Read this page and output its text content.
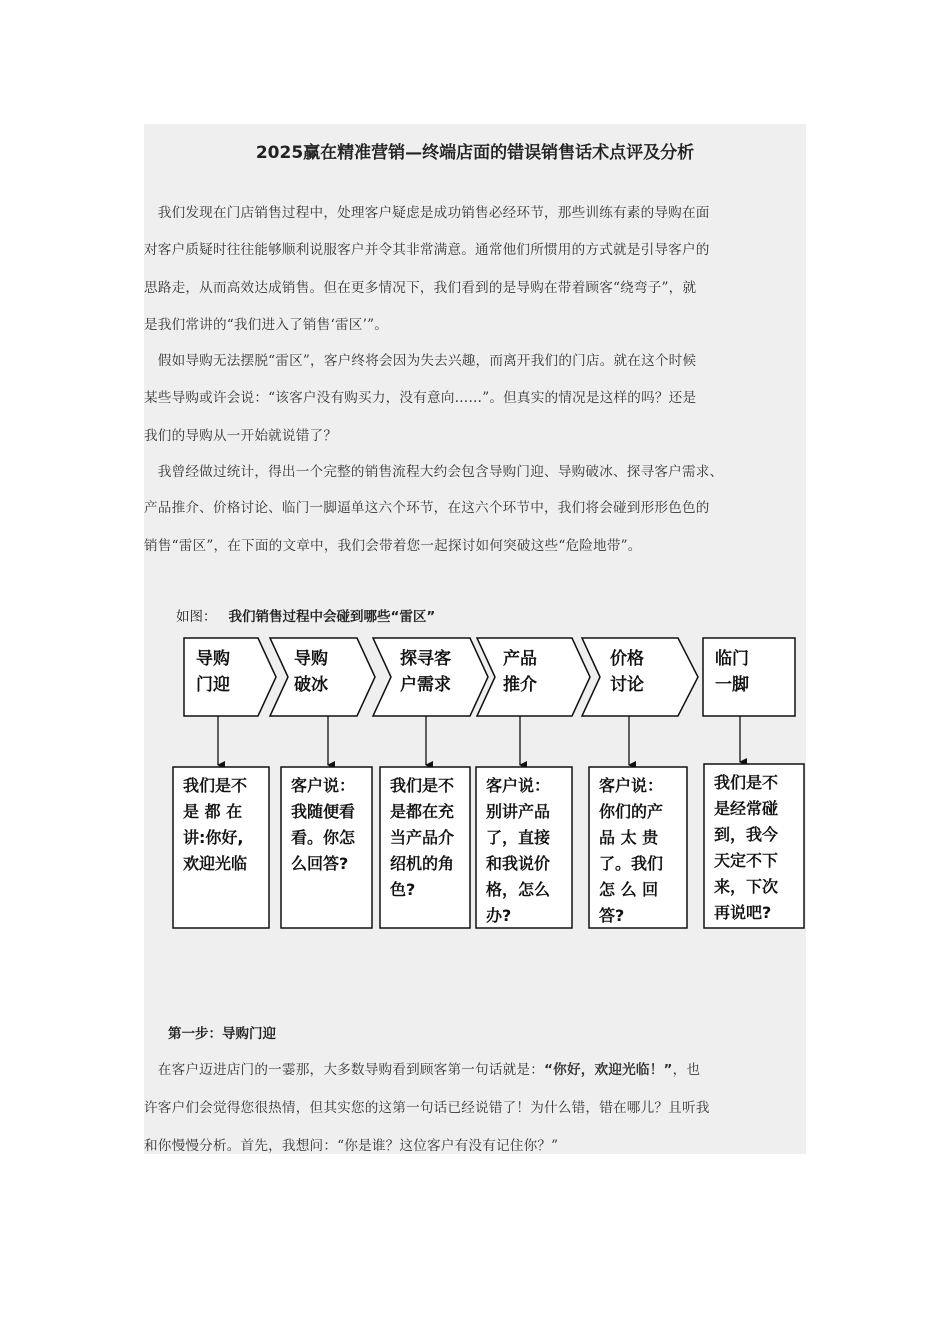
2025赢在精准营销—终端店面的错误销售话术点评及分析
　我们发现在门店销售过程中，处理客户疑虑是成功销售必经环节，那些训练有素的导购在面
对客户质疑时往往能够顺利说服客户并令其非常满意。通常他们所惯用的方式就是引导客户的
思路走，从而高效达成销售。但在更多情况下，我们看到的是导购在带着顾客“绕弯子”，就
是我们常讲的“我们进入了销售‘雷区’”。
　假如导购无法摆脱“雷区”，客户终将会因为失去兴趣，而离开我们的门店。就在这个时候
某些导购或许会说：“该客户没有购买力，没有意向……”。但真实的情况是这样的吗？还是
我们的导购从一开始就说错了？
　我曾经做过统计，得出一个完整的销售流程大约会包含导购门迎、导购破冰、探寻客户需求、
产品推介、价格讨论、临门一脚逼单这六个环节，在这六个环节中，我们将会碰到形形色色的
销售“雷区”，在下面的文章中，我们会带着您一起探讨如何突破这些“危险地带”。
如图： 我们销售过程中会碰到哪些“雷区”
导购
门迎
导购
破冰
探寻客
户需求
产品
推介
价格
讨论
临门
一脚
我们是不
是 都 在
讲:你好,
欢迎光临
客户说：
我随便看
看。你怎
么回答?
我们是不
是都在充
当产品介
绍机的角
色?
客户说：
别讲产品
了，直接
和我说价
格，怎么
办?
客户说：
你们的产
品 太 贵
了。我们
怎 么 回
答?
我们是不
是经常碰
到，我今
天定不下
来，下次
再说吧?
第一步：导购门迎
　在客户迈进店门的一霎那，大多数导购看到顾客第一句话就是：“你好，欢迎光临！”，也
许客户们会觉得您很热情，但其实您的这第一句话已经说错了！为什么错，错在哪儿？且听我
和你慢慢分析。首先，我想问：“你是谁？这位客户有没有记住你？”
